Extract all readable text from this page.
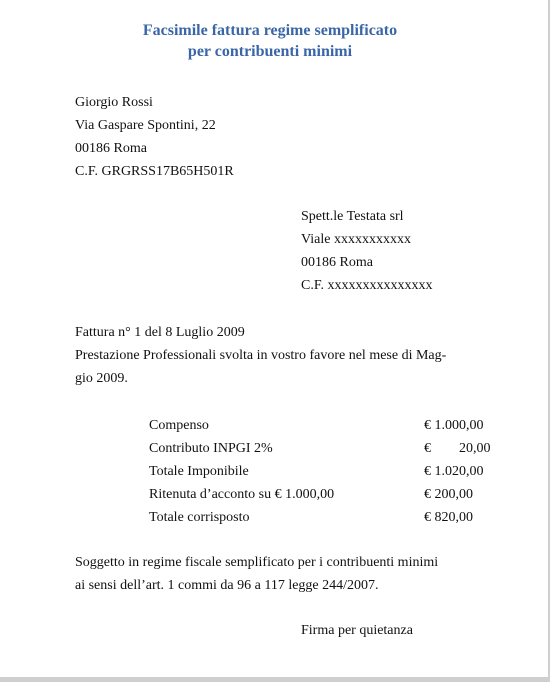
Facsimile fattura regime semplificato
per contribuenti minimi
Giorgio Rossi
Via Gaspare Spontini, 22
00186 Roma
C.F. GRGRSS17B65H501R
Spett.le Testata srl
Viale xxxxxxxxxxx
00186 Roma
C.F. xxxxxxxxxxxxxxx
Fattura n° 1 del 8 Luglio 2009
Prestazione Professionali svolta in vostro favore nel mese di Mag-
gio 2009.
Compenso	€ 1.000,00
Contributo INPGI 2%	€        20,00
Totale Imponibile	€ 1.020,00
Ritenuta d’acconto su € 1.000,00	€ 200,00
Totale corrisposto	€ 820,00
Soggetto in regime fiscale semplificato per i contribuenti minimi
ai sensi dell’art. 1 commi da 96 a 117 legge 244/2007.
Firma per quietanza
